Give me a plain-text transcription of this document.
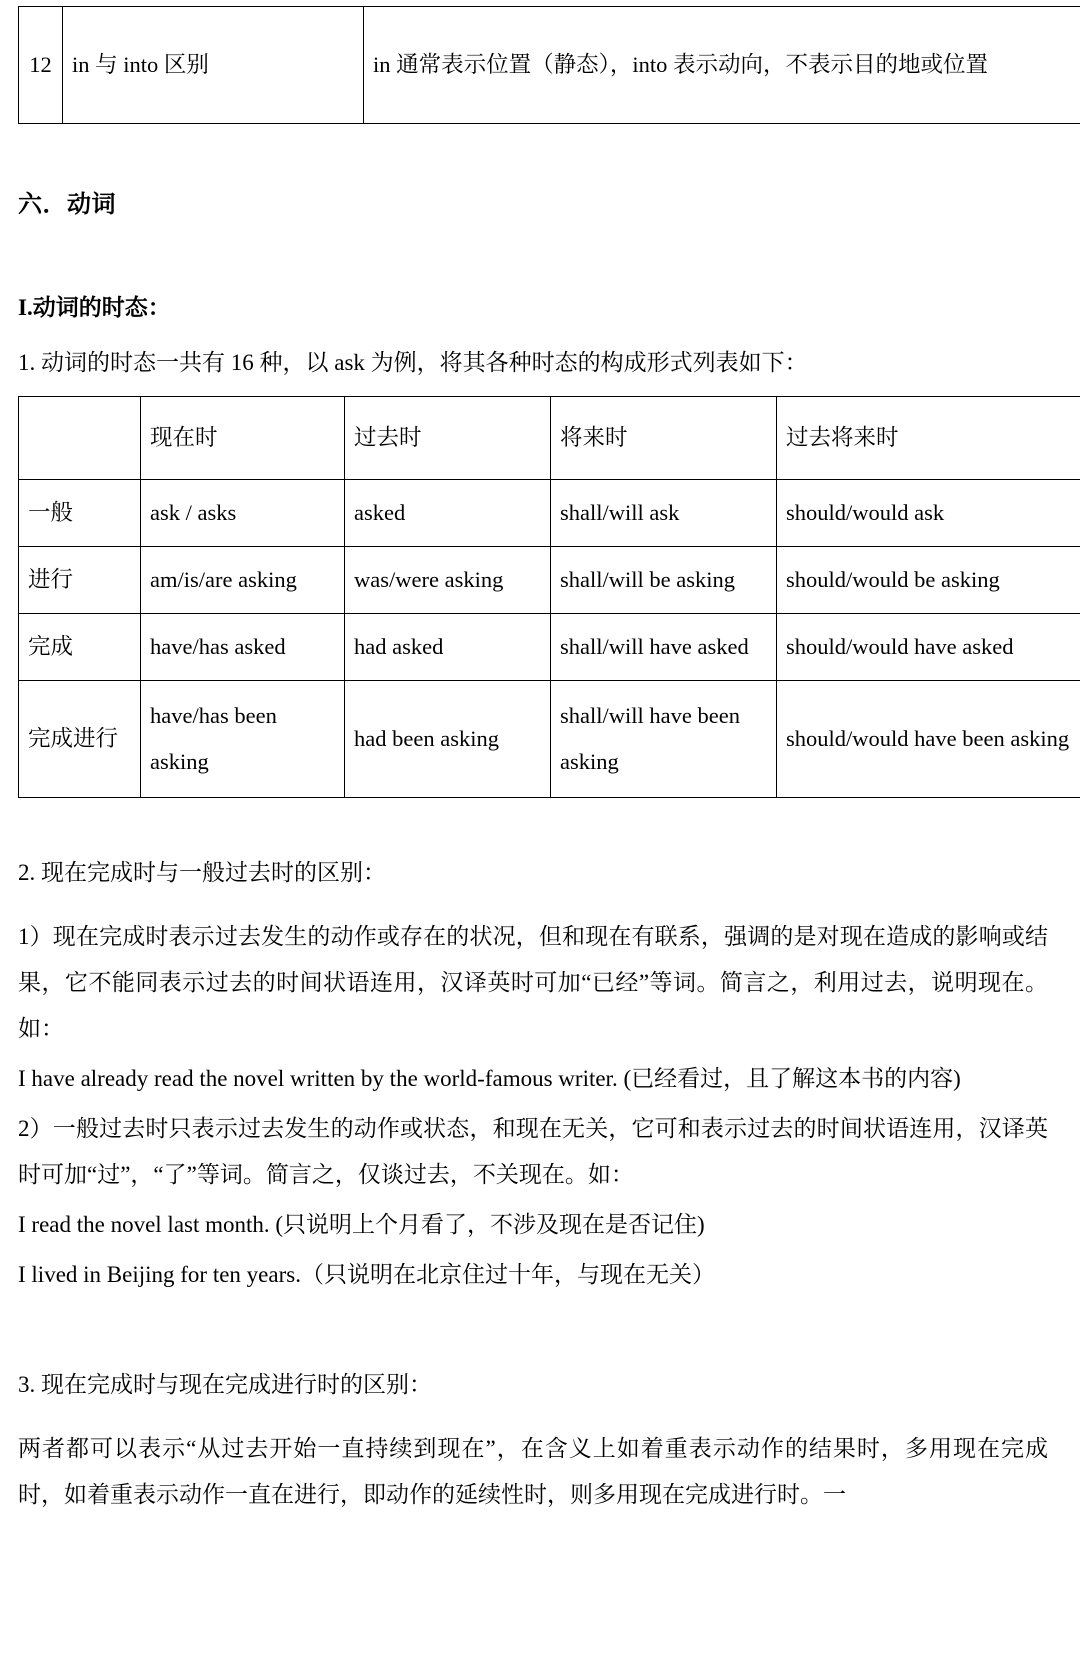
12	in 与 into 区别	in 通常表示位置（静态），into 表示动向，不表示目的地或位置
六．动词
I.动词的时态：

1. 动词的时态一共有 16 种，以 ask 为例，将其各种时态的构成形式列表如下：

	现在时	过去时	将来时	过去将来时
一般	ask / asks	asked	shall/will ask	should/would ask
进行	am/is/are asking	was/were asking	shall/will be asking	should/would be asking
完成	have/has asked	had asked	shall/will have asked	should/would have asked
完成进行	have/has been asking	had been asking	shall/will have been asking	should/would have been asking

2. 现在完成时与一般过去时的区别：

1）现在完成时表示过去发生的动作或存在的状况，但和现在有联系，强调的是对现在造成的影响或结果，它不能同表示过去的时间状语连用，汉译英时可加“已经”等词。简言之，利用过去，说明现在。如：

I have already read the novel written by the world-famous writer. (已经看过，且了解这本书的内容)

2）一般过去时只表示过去发生的动作或状态，和现在无关，它可和表示过去的时间状语连用，汉译英时可加“过”，“了”等词。简言之，仅谈过去，不关现在。如：

I read the novel last month. (只说明上个月看了，不涉及现在是否记住)

I lived in Beijing for ten years.（只说明在北京住过十年，与现在无关）

3. 现在完成时与现在完成进行时的区别：

两者都可以表示“从过去开始一直持续到现在”，在含义上如着重表示动作的结果时，多用现在完成时，如着重表示动作一直在进行，即动作的延续性时，则多用现在完成进行时。一
